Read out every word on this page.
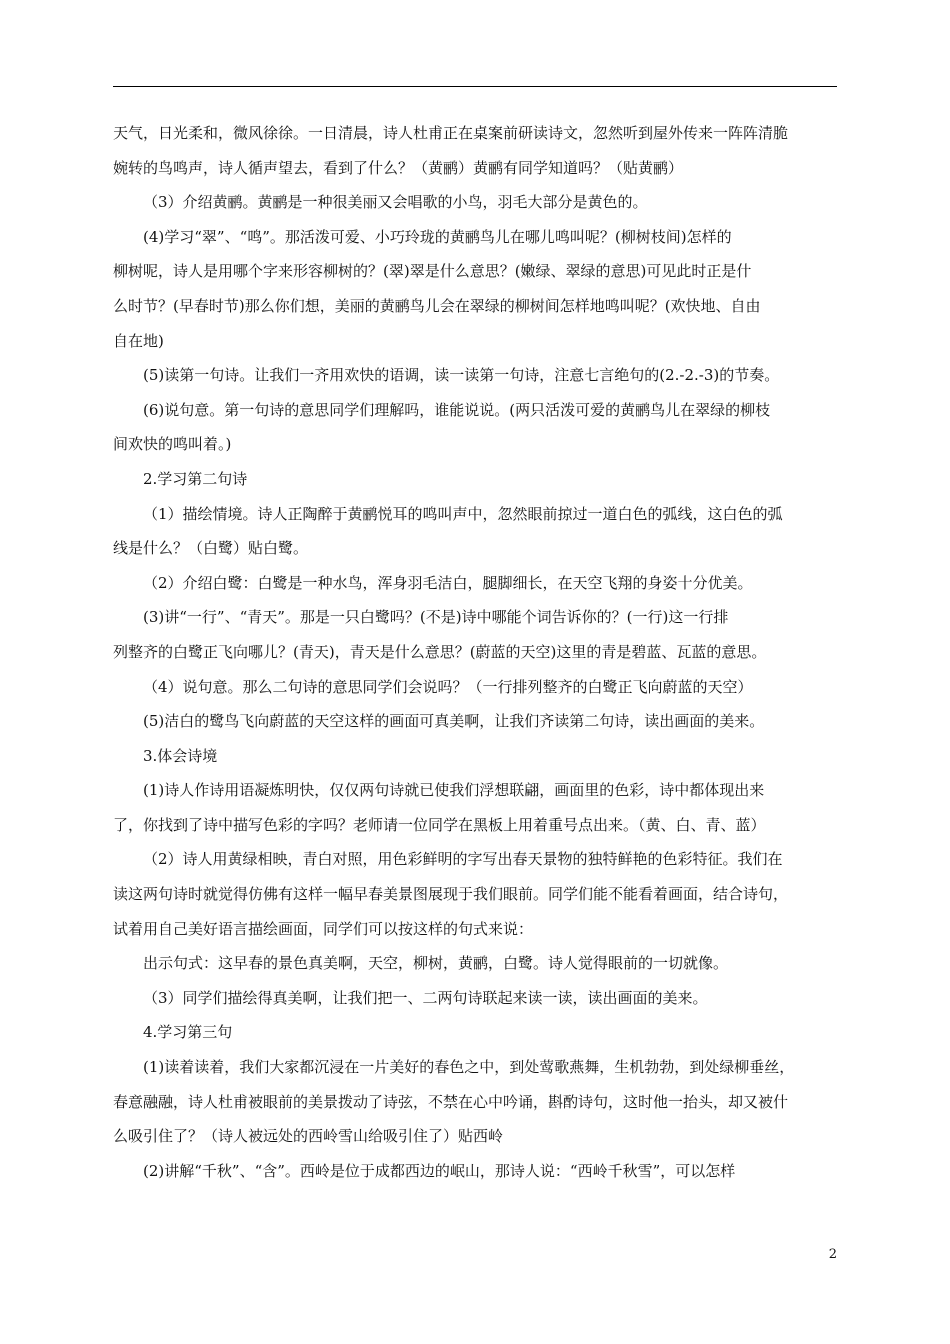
天气，日光柔和，微风徐徐。一日清晨，诗人杜甫正在桌案前研读诗文，忽然听到屋外传来一阵阵清脆
婉转的鸟鸣声，诗人循声望去，看到了什么？（黄鹂）黄鹂有同学知道吗？（贴黄鹂）
（3）介绍黄鹂。黄鹂是一种很美丽又会唱歌的小鸟，羽毛大部分是黄色的。
(4)学习“翠”、“鸣”。那活泼可爱、小巧玲珑的黄鹂鸟儿在哪儿鸣叫呢？(柳树枝间)怎样的
柳树呢，诗人是用哪个字来形容柳树的？(翠)翠是什么意思？(嫩绿、翠绿的意思)可见此时正是什
么时节？(早春时节)那么你们想，美丽的黄鹂鸟儿会在翠绿的柳树间怎样地鸣叫呢？(欢快地、自由
自在地)
(5)读第一句诗。让我们一齐用欢快的语调，读一读第一句诗，注意七言绝句的(2.-2.-3)的节奏。
(6)说句意。第一句诗的意思同学们理解吗，谁能说说。(两只活泼可爱的黄鹂鸟儿在翠绿的柳枝
间欢快的鸣叫着。)
2.学习第二句诗
（1）描绘情境。诗人正陶醉于黄鹂悦耳的鸣叫声中，忽然眼前掠过一道白色的弧线，这白色的弧
线是什么？（白鹭）贴白鹭。
（2）介绍白鹭：白鹭是一种水鸟，浑身羽毛洁白，腿脚细长，在天空飞翔的身姿十分优美。
(3)讲“一行”、“青天”。那是一只白鹭吗？(不是)诗中哪能个词告诉你的？(一行)这一行排
列整齐的白鹭正飞向哪儿？(青天)，青天是什么意思？(蔚蓝的天空)这里的青是碧蓝、瓦蓝的意思。
（4）说句意。那么二句诗的意思同学们会说吗？（一行排列整齐的白鹭正飞向蔚蓝的天空）
(5)洁白的鹭鸟飞向蔚蓝的天空这样的画面可真美啊，让我们齐读第二句诗，读出画面的美来。
3.体会诗境
(1)诗人作诗用语凝炼明快，仅仅两句诗就已使我们浮想联翩，画面里的色彩，诗中都体现出来
了，你找到了诗中描写色彩的字吗？老师请一位同学在黑板上用着重号点出来。（黄、白、青、蓝）
（2）诗人用黄绿相映，青白对照，用色彩鲜明的字写出春天景物的独特鲜艳的色彩特征。我们在
读这两句诗时就觉得仿佛有这样一幅早春美景图展现于我们眼前。同学们能不能看着画面，结合诗句，
试着用自己美好语言描绘画面，同学们可以按这样的句式来说：
出示句式：这早春的景色真美啊，天空，柳树，黄鹂，白鹭。诗人觉得眼前的一切就像。
（3）同学们描绘得真美啊，让我们把一、二两句诗联起来读一读，读出画面的美来。
4.学习第三句
(1)读着读着，我们大家都沉浸在一片美好的春色之中，到处莺歌燕舞，生机勃勃，到处绿柳垂丝，
春意融融，诗人杜甫被眼前的美景拨动了诗弦，不禁在心中吟诵，斟酌诗句，这时他一抬头，却又被什
么吸引住了？（诗人被远处的西岭雪山给吸引住了）贴西岭
(2)讲解“千秋”、“含”。西岭是位于成都西边的岷山，那诗人说：“西岭千秋雪”，可以怎样
2
